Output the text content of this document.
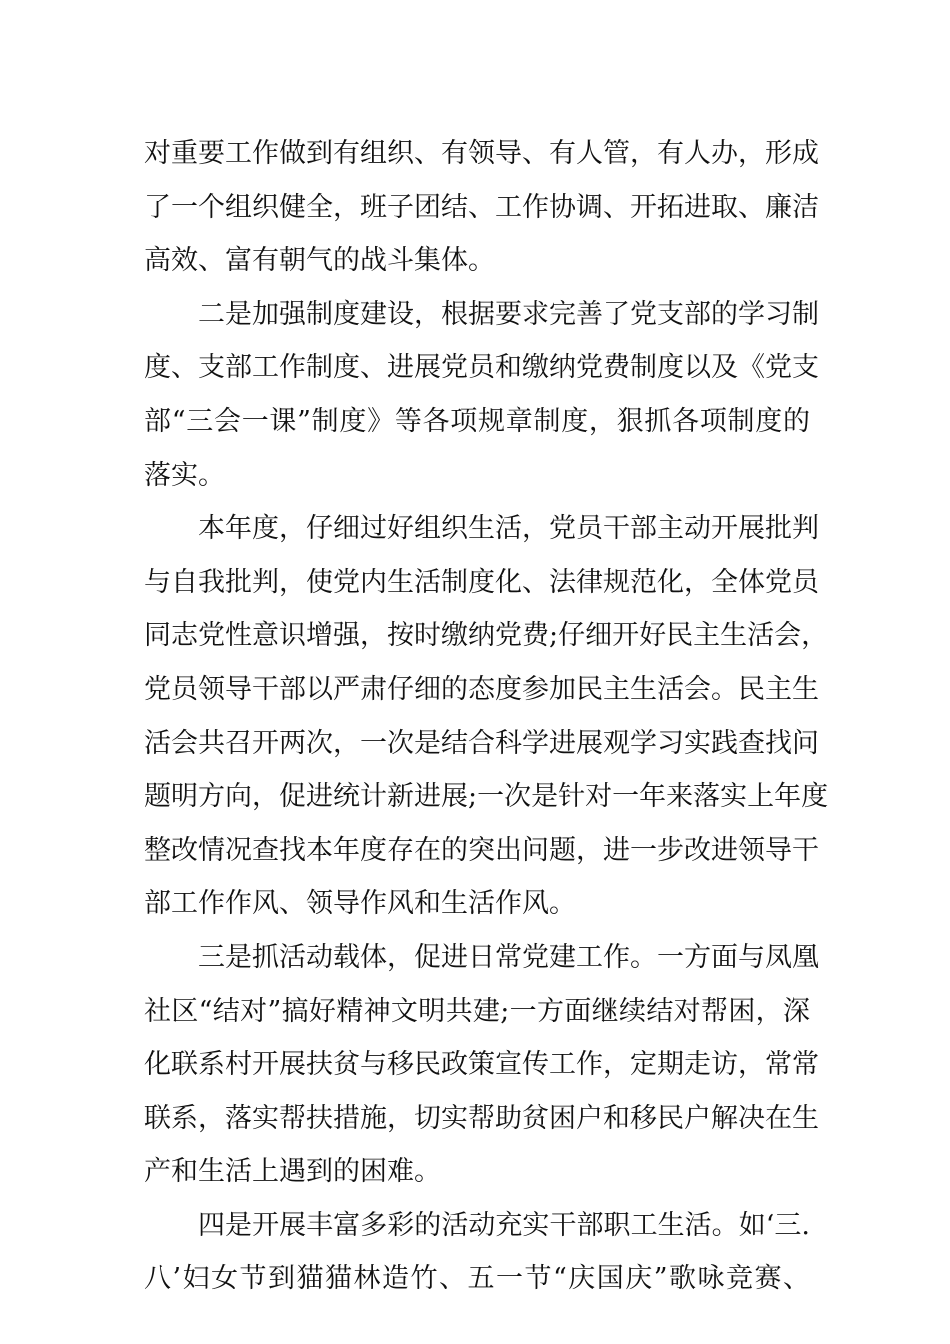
对重要工作做到有组织、有领导、有人管，有人办，形成
了一个组织健全，班子团结、工作协调、开拓进取、廉洁
高效、富有朝气的战斗集体。
二是加强制度建设，根据要求完善了党支部的学习制
度、支部工作制度、进展党员和缴纳党费制度以及《党支
部“三会一课”制度》等各项规章制度，狠抓各项制度的
落实。
本年度，仔细过好组织生活，党员干部主动开展批判
与自我批判，使党内生活制度化、法律规范化，全体党员
同志党性意识增强，按时缴纳党费;仔细开好民主生活会，
党员领导干部以严肃仔细的态度参加民主生活会。民主生
活会共召开两次，一次是结合科学进展观学习实践查找问
题明方向，促进统计新进展;一次是针对一年来落实上年度
整改情况查找本年度存在的突出问题，进一步改进领导干
部工作作风、领导作风和生活作风。
三是抓活动载体，促进日常党建工作。一方面与凤凰
社区“结对”搞好精神文明共建;一方面继续结对帮困，深
化联系村开展扶贫与移民政策宣传工作，定期走访，常常
联系，落实帮扶措施，切实帮助贫困户和移民户解决在生
产和生活上遇到的困难。
四是开展丰富多彩的活动充实干部职工生活。如‘三.
八’妇女节到猫猫林造竹、五一节“庆国庆”歌咏竞赛、
